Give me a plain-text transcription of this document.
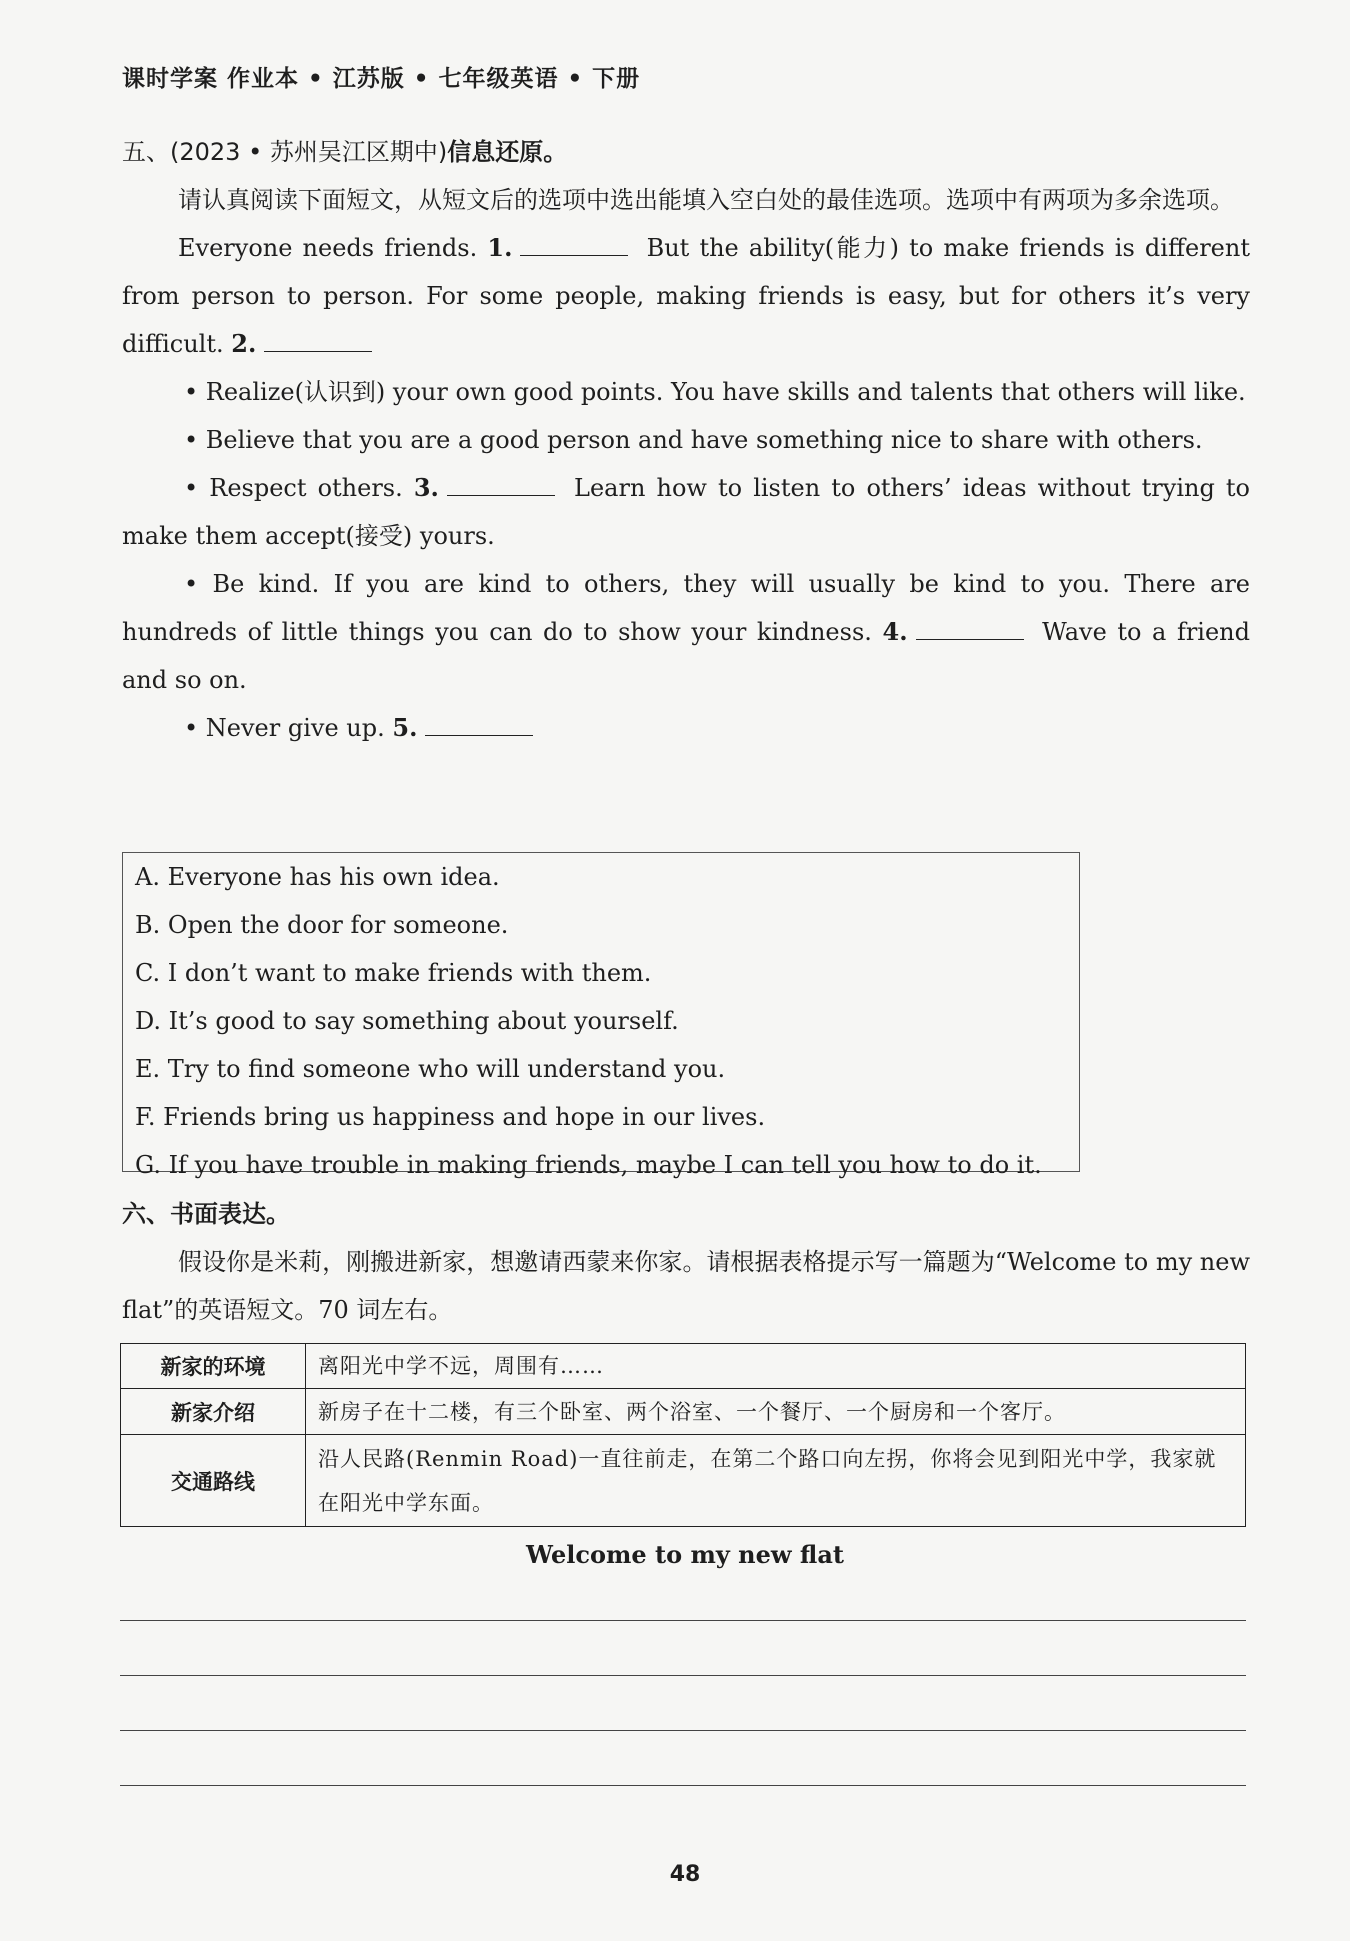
课时学案 作业本 • 江苏版 • 七年级英语 • 下册
五、(2023 • 苏州吴江区期中)信息还原。

请认真阅读下面短文，从短文后的选项中选出能填入空白处的最佳选项。选项中有两项为多余选项。

Everyone needs friends. 1.	But the ability(能力) to make friends is different from person to person. For some people, making friends is easy, but for others it’s very difficult. 2.

• Realize(认识到) your own good points. You have skills and talents that others will like.

• Believe that you are a good person and have something nice to share with others.

• Respect others. 3.	Learn how to listen to others’ ideas without trying to make them accept(接受) yours.

• Be kind. If you are kind to others, they will usually be kind to you. There are hundreds of little things you can do to show your kindness. 4.	Wave to a friend and so on.

• Never give up. 5.

A. Everyone has his own idea.
B. Open the door for someone.
C. I don’t want to make friends with them.
D. It’s good to say something about yourself.
E. Try to find someone who will understand you.
F. Friends bring us happiness and hope in our lives.
G. If you have trouble in making friends, maybe I can tell you how to do it.
六、书面表达。

假设你是米莉，刚搬进新家，想邀请西蒙来你家。请根据表格提示写一篇题为“Welcome to my new flat”的英语短文。70 词左右。

新家的环境	离阳光中学不远，周围有……
新家介绍	新房子在十二楼，有三个卧室、两个浴室、一个餐厅、一个厨房和一个客厅。
交通路线	沿人民路(Renmin Road)一直往前走，在第二个路口向左拐，你将会见到阳光中学，我家就在阳光中学东面。
Welcome to my new flat
48
